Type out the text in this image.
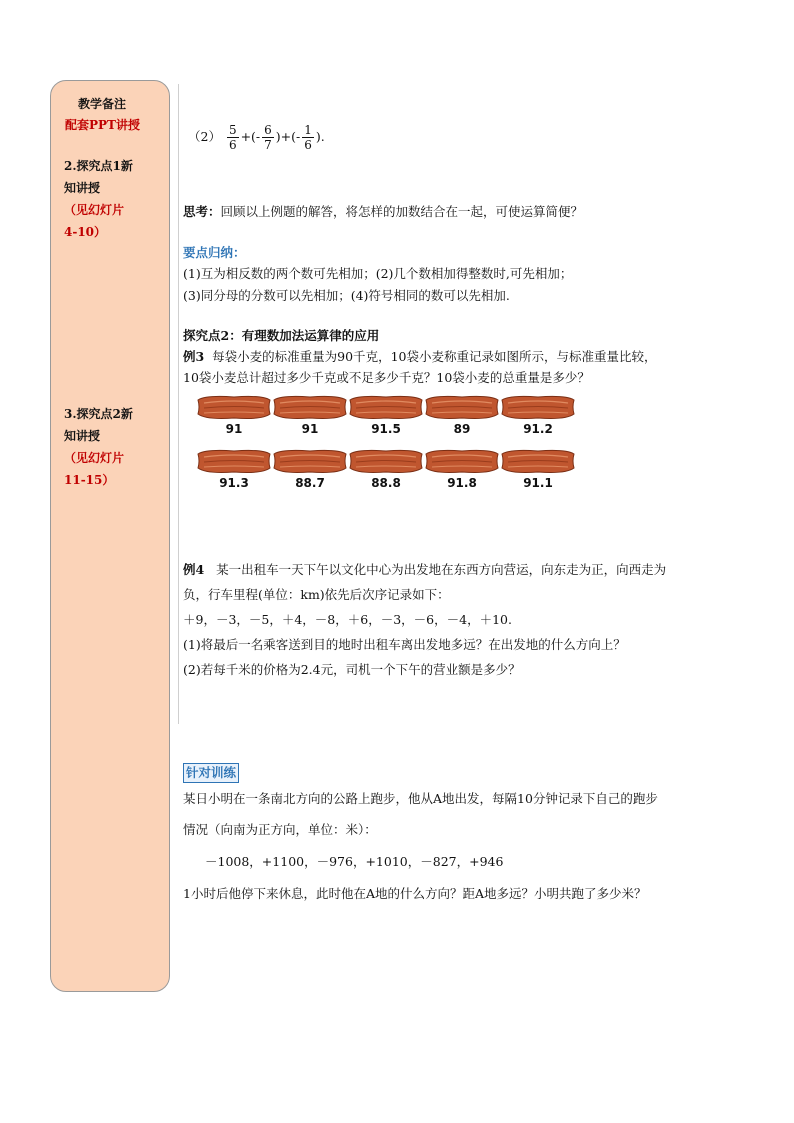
教学备注
配套PPT讲授
2.探究点1新
知讲授
（见幻灯片
4-10）
3.探究点2新
知讲授
（见幻灯片
11-15）
$(2) \frac{5}{6}$ +(- $\frac{6}{7}$ )+(- $\frac{1}{6}$ ).
思考：回顾以上例题的解答，将怎样的加数结合在一起，可使运算简便？
要点归纳：
(1)互为相反数的两个数可先相加；(2)几个数相加得整数时,可先相加；
(3)同分母的分数可以先相加；(4)符号相同的数可以先相加.
探究点2：有理数加法运算律的应用
例3 每袋小麦的标准重量为90千克，10袋小麦称重记录如图所示，与标准重量比较，
10袋小麦总计超过多少千克或不足多少千克？10袋小麦的总重量是多少？
91	91	91.5	89	91.2
91.3	88.7	88.8	91.8	91.1
例4 某一出租车一天下午以文化中心为出发地在东西方向营运，向东走为正，向西走为
负，行车里程(单位：km)依先后次序记录如下：
＋9，－3，－5，＋4，－8，＋6，－3，－6，－4，＋10.
(1)将最后一名乘客送到目的地时出租车离出发地多远？在出发地的什么方向上？
(2)若每千米的价格为2.4元，司机一个下午的营业额是多少？
针对训练
某日小明在一条南北方向的公路上跑步，他从A地出发，每隔10分钟记录下自己的跑步
情况（向南为正方向，单位：米）：
－1008，+1100，－976，+1010，－827，+946
1小时后他停下来休息，此时他在A地的什么方向？距A地多远？小明共跑了多少米？
